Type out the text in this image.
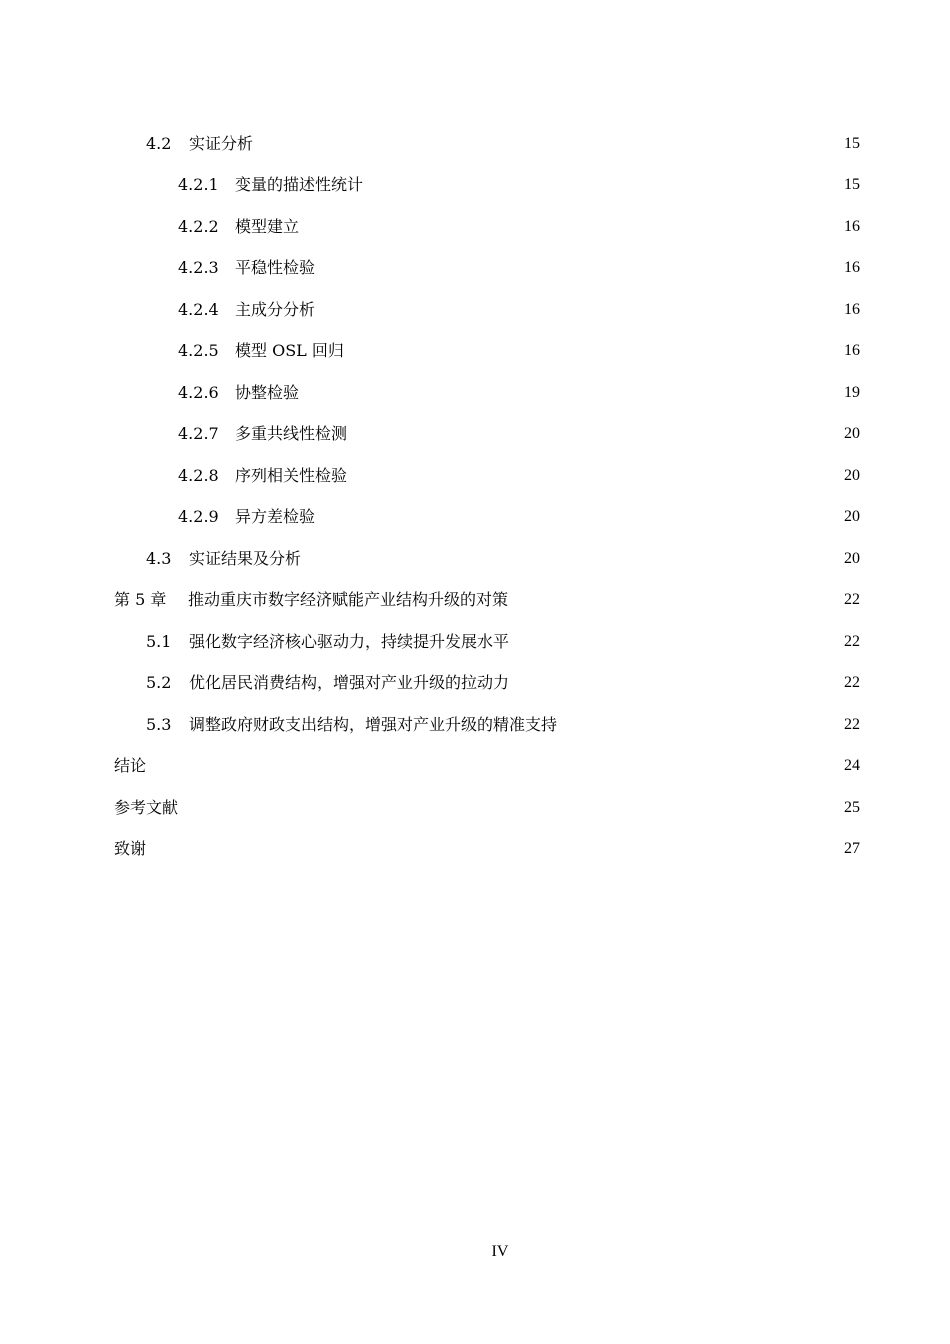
4.2	实证分析	15
4.2.1	变量的描述性统计	15
4.2.2	模型建立	16
4.2.3	平稳性检验	16
4.2.4	主成分分析	16
4.2.5	模型 OSL 回归	16
4.2.6	协整检验	19
4.2.7	多重共线性检测	20
4.2.8	序列相关性检验	20
4.2.9	异方差检验	20
4.3	实证结果及分析	20
第 5 章	推动重庆市数字经济赋能产业结构升级的对策	22
5.1	强化数字经济核心驱动力，持续提升发展水平	22
5.2	优化居民消费结构，增强对产业升级的拉动力	22
5.3	调整政府财政支出结构，增强对产业升级的精准支持	22
结论	24
参考文献	25
致谢	27
IV
